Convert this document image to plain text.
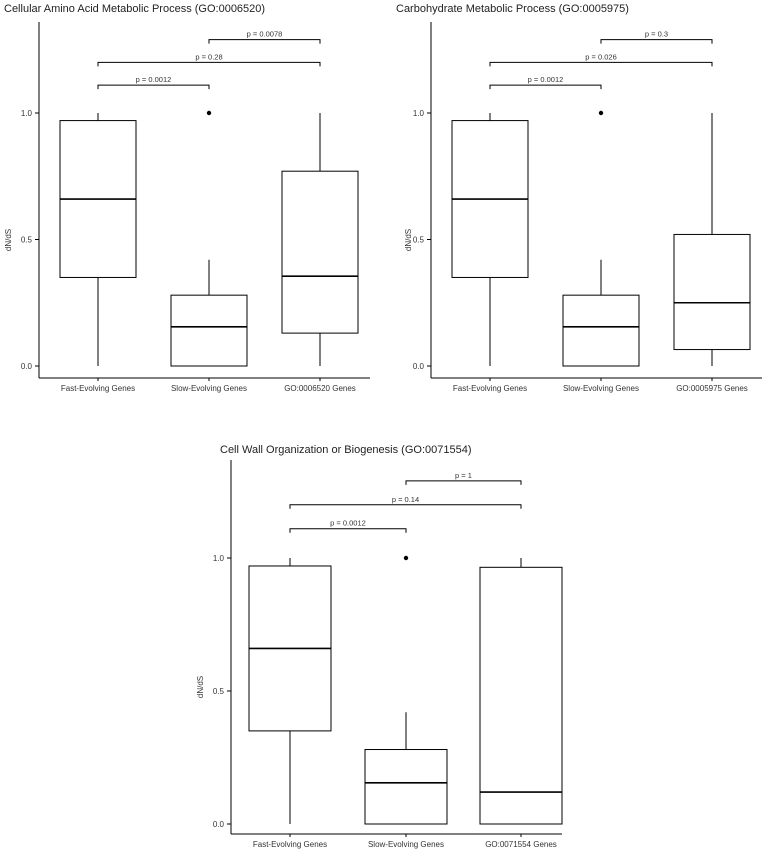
Cellular Amino Acid Metabolic Process (GO:0006520)
dN/dS
0.0
0.5
1.0
p = 0.0012
p = 0.28
p = 0.0078
Fast-Evolving Genes	Slow-Evolving Genes	GO:0006520 Genes
Carbohydrate Metabolic Process (GO:0005975)
dN/dS
0.0
0.5
1.0
p = 0.0012
p = 0.026
p = 0.3
Fast-Evolving Genes	Slow-Evolving Genes	GO:0005975 Genes
Cell Wall Organization or Biogenesis (GO:0071554)
dN/dS
0.0
0.5
1.0
p = 0.0012
p = 0.14
p = 1
Fast-Evolving Genes	Slow-Evolving Genes	GO:0071554 Genes
